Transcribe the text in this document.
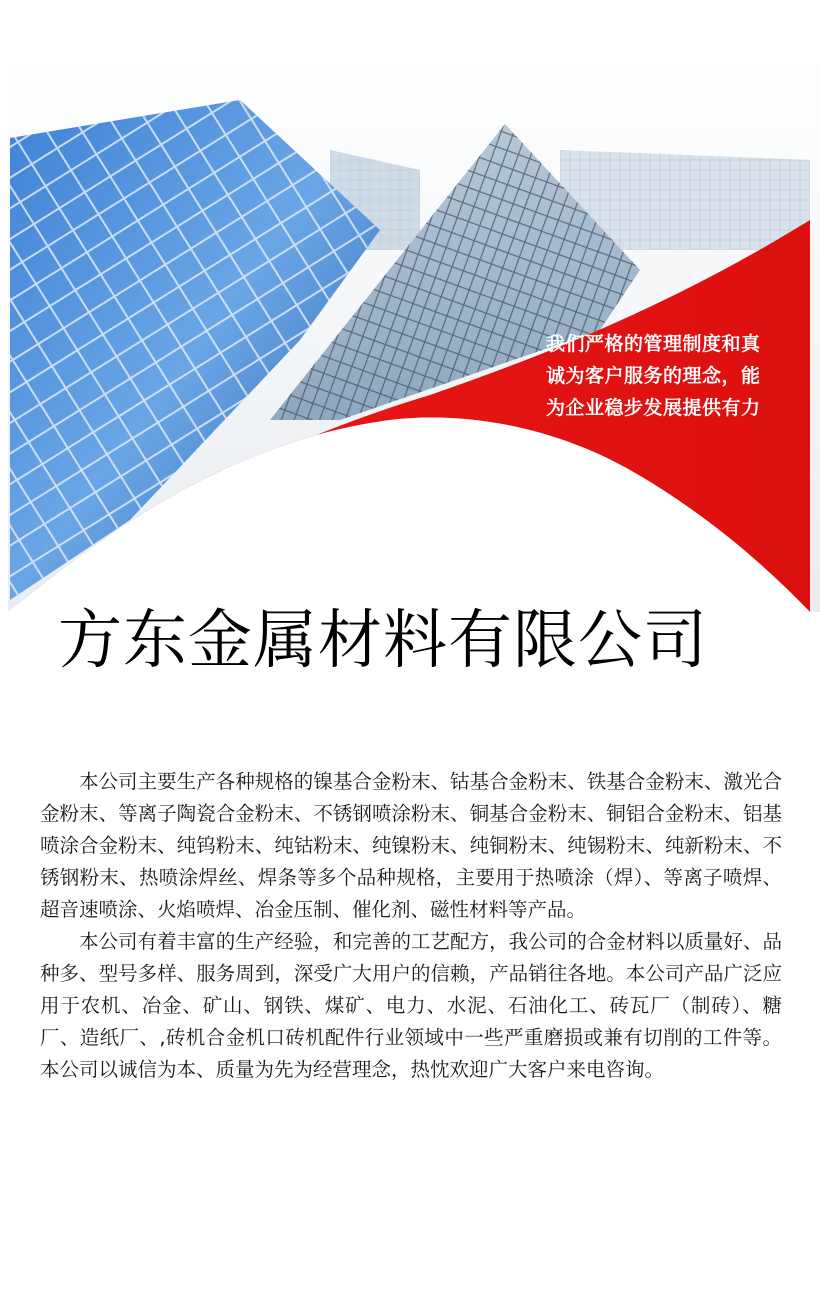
我们严格的管理制度和真
诚为客户服务的理念，能
为企业稳步发展提供有力
方东金属材料有限公司

本公司主要生产各种规格的镍基合金粉末、钴基合金粉末、铁基合金粉末、激光合金粉末、等离子陶瓷合金粉末、不锈钢喷涂粉末、铜基合金粉末、铜铝合金粉末、铝基喷涂合金粉末、纯钨粉末、纯钴粉末、纯镍粉末、纯铜粉末、纯锡粉末、纯新粉末、不锈钢粉末、热喷涂焊丝、焊条等多个品种规格，主要用于热喷涂（焊）、等离子喷焊、超音速喷涂、火焰喷焊、冶金压制、催化剂、磁性材料等产品。

本公司有着丰富的生产经验，和完善的工艺配方，我公司的合金材料以质量好、品种多、型号多样、服务周到，深受广大用户的信赖，产品销往各地。本公司产品广泛应用于农机、冶金、矿山、钢铁、煤矿、电力、水泥、石油化工、砖瓦厂（制砖）、糖厂、造纸厂、,砖机合金机口砖机配件行业领域中一些严重磨损或兼有切削的工件等。本公司以诚信为本、质量为先为经营理念，热忱欢迎广大客户来电咨询。
